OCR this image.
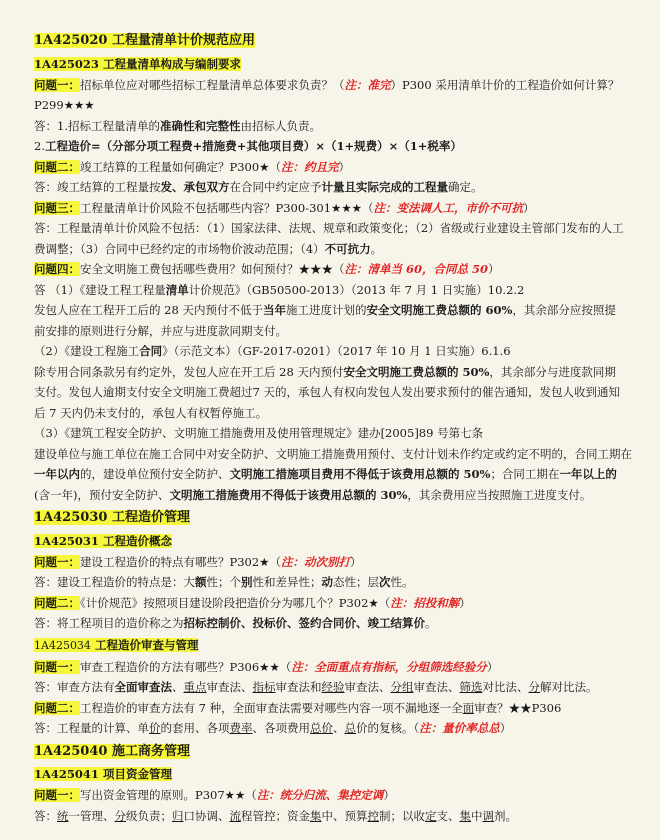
1A425020 工程量清单计价规范应用
1A425023 工程量清单构成与编制要求
问题一：招标单位应对哪些招标工程量清单总体要求负责？（注：准完）P300 采用清单计价的工程造价如何计算？
P299★★★
答：1.招标工程量清单的准确性和完整性由招标人负责。
2.工程造价=（分部分项工程费+措施费+其他项目费）×（1+规费）×（1+税率）
问题二：竣工结算的工程量如何确定？P300★（注：约且完）
答：竣工结算的工程量按发、承包双方在合同中约定应予计量且实际完成的工程量确定。
问题三：工程量清单计价风险不包括哪些内容？P300-301★★★（注：变法调人工，市价不可抗）
答：工程量清单计价风险不包括：（1）国家法律、法规、规章和政策变化；（2）省级或行业建设主管部门发布的人工
费调整；（3）合同中已经约定的市场物价波动范围；（4）不可抗力。
问题四：安全文明施工费包括哪些费用？如何预付？★★★（注：清单当 60，合同总 50）
答 （1）《建设工程工程量清单计价规范》（GB50500-2013）（2013 年 7 月 1 日实施）10.2.2
发包人应在工程开工后的 28 天内预付不低于当年施工进度计划的安全文明施工费总额的 60%，其余部分应按照提
前安排的原则进行分解，并应与进度款同期支付。
（2）《建设工程施工合同》（示范文本）（GF-2017-0201）（2017 年 10 月 1 日实施）6.1.6
除专用合同条款另有约定外，发包人应在开工后 28 天内预付安全文明施工费总额的 50%，其余部分与进度款同期
支付。发包人逾期支付安全文明施工费超过7 天的，承包人有权向发包人发出要求预付的催告通知，发包人收到通知
后 7 天内仍未支付的，承包人有权暂停施工。
（3）《建筑工程安全防护、文明施工措施费用及使用管理规定》建办[2005]89 号第七条
建设单位与施工单位在施工合同中对安全防护、文明施工措施费用预付、支付计划未作约定或约定不明的，合同工期在
一年以内的，建设单位预付安全防护、文明施工措施项目费用不得低于该费用总额的 50%；合同工期在一年以上的
(含一年)，预付安全防护、文明施工措施费用不得低于该费用总额的 30%，其余费用应当按照施工进度支付。
1A425030 工程造价管理
1A425031 工程造价概念
问题一：建设工程造价的特点有哪些？P302★（注：动次别打）
答：建设工程造价的特点是：大额性；个别性和差异性；动态性；层次性。
问题二：《计价规范》按照项目建设阶段把造价分为哪几个？P302★（注：招投和解）
答：将工程项目的造价称之为招标控制价、投标价、签约合同价、竣工结算价。
1A425034 工程造价审查与管理
问题一：审查工程造价的方法有哪些？P306★★（注：全面重点有指标，分组筛选经验分）
答：审查方法有全面审查法、重点审查法、指标审查法和经验审查法、分组审查法、筛选对比法、分解对比法。
问题二：工程造价的审查方法有 7 种，全面审查法需要对哪些内容一项不漏地逐一全面审查？★★P306
答：工程量的计算、单价的套用、各项费率、各项费用总价、总价的复核。（注：量价率总总）
1A425040 施工商务管理
1A425041 项目资金管理
问题一：写出资金管理的原则。P307★★（注：统分归流、集控定调）
答：统一管理、分级负责；归口协调、流程管控；资金集中、预算控制；以收定支、集中调剂。
